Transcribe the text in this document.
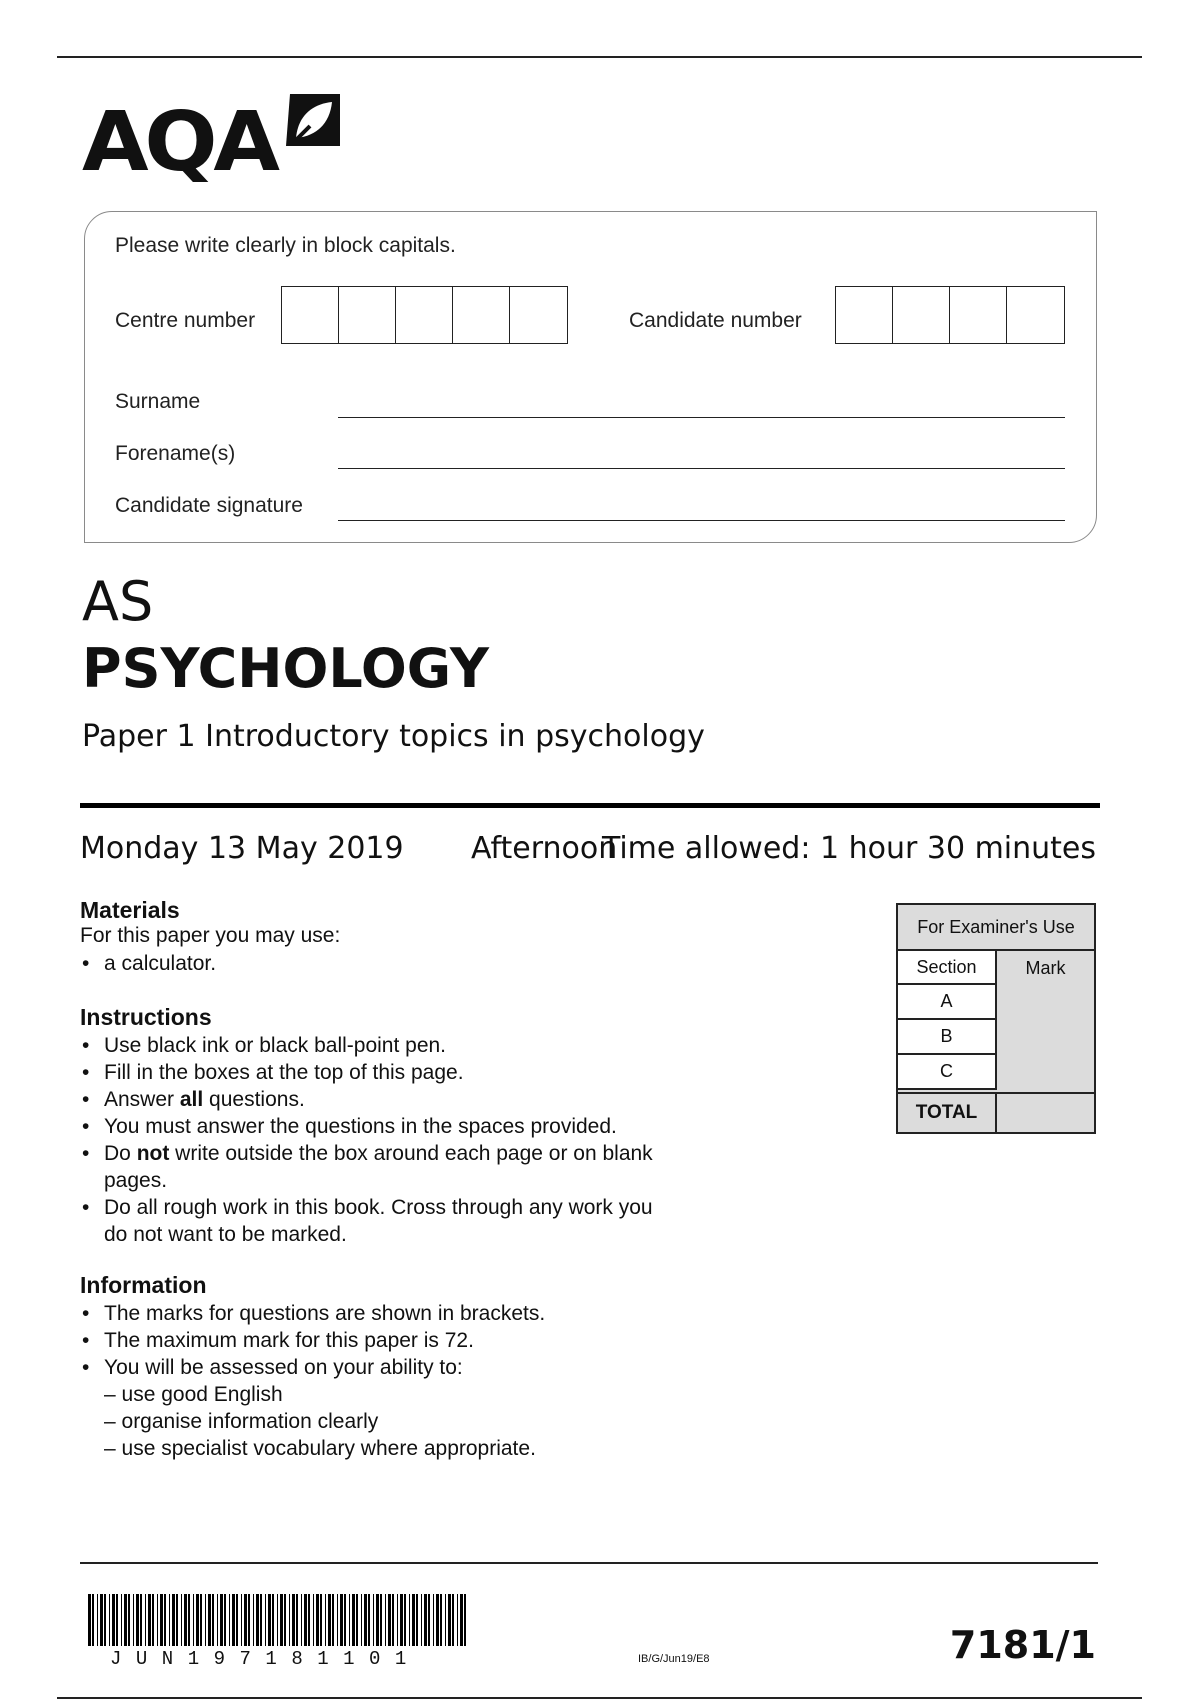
AQA
Please write clearly in block capitals.
Centre number	Candidate number
Surname
Forename(s)
Candidate signature
AS
PSYCHOLOGY
Paper 1 Introductory topics in psychology
Monday 13 May 2019 Afternoon
Time allowed: 1 hour 30 minutes
Materials
For this paper you may use:
• a calculator.
Instructions
• Use black ink or black ball-point pen.
• Fill in the boxes at the top of this page.
• Answer all questions.
• You must answer the questions in the spaces provided.
• Do not write outside the box around each page or on blank pages.
• Do all rough work in this book. Cross through any work you do not want to be marked.
Information
• The marks for questions are shown in brackets.
• The maximum mark for this paper is 72.
• You will be assessed on your ability to:
– use good English
– organise information clearly
– use specialist vocabulary where appropriate.
For Examiner's Use
Section	Mark
A
B
C
TOTAL
JUN197181101	IB/G/Jun19/E8	7181/1
